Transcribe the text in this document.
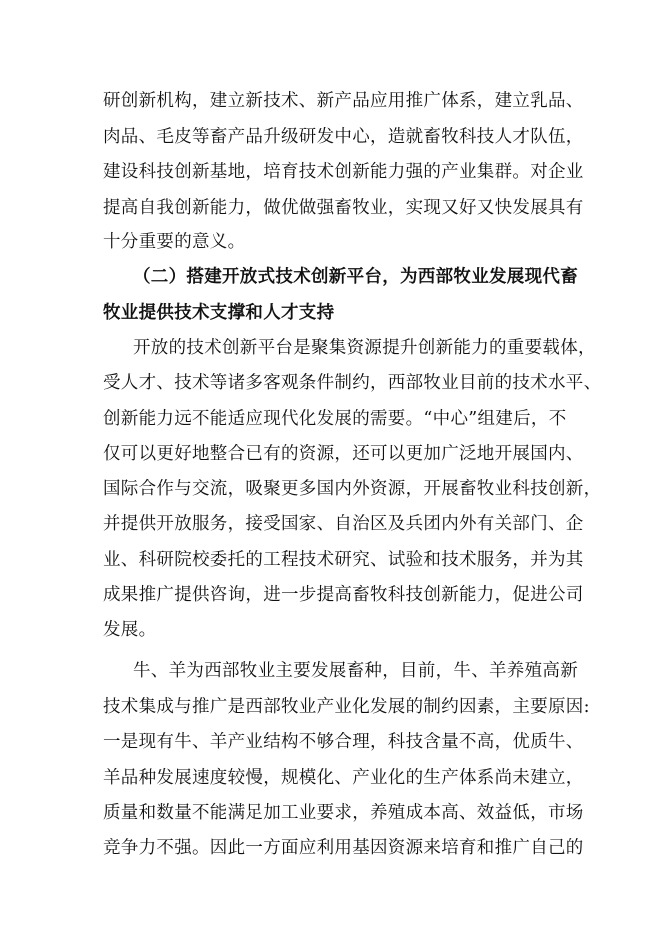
研创新机构，建立新技术、新产品应用推广体系，建立乳品、
肉品、毛皮等畜产品升级研发中心，造就畜牧科技人才队伍，
建设科技创新基地，培育技术创新能力强的产业集群。对企业
提高自我创新能力，做优做强畜牧业，实现又好又快发展具有
十分重要的意义。
（二）搭建开放式技术创新平台，为西部牧业发展现代畜
牧业提供技术支撑和人才支持
开放的技术创新平台是聚集资源提升创新能力的重要载体，
受人才、技术等诸多客观条件制约，西部牧业目前的技术水平、
创新能力远不能适应现代化发展的需要。“中心”组建后，不
仅可以更好地整合已有的资源，还可以更加广泛地开展国内、
国际合作与交流，吸聚更多国内外资源，开展畜牧业科技创新，
并提供开放服务，接受国家、自治区及兵团内外有关部门、企
业、科研院校委托的工程技术研究、试验和技术服务，并为其
成果推广提供咨询，进一步提高畜牧科技创新能力，促进公司
发展。
牛、羊为西部牧业主要发展畜种，目前，牛、羊养殖高新
技术集成与推广是西部牧业产业化发展的制约因素，主要原因:
一是现有牛、羊产业结构不够合理，科技含量不高，优质牛、
羊品种发展速度较慢，规模化、产业化的生产体系尚未建立，
质量和数量不能满足加工业要求，养殖成本高、效益低，市场
竞争力不强。因此一方面应利用基因资源来培育和推广自己的
